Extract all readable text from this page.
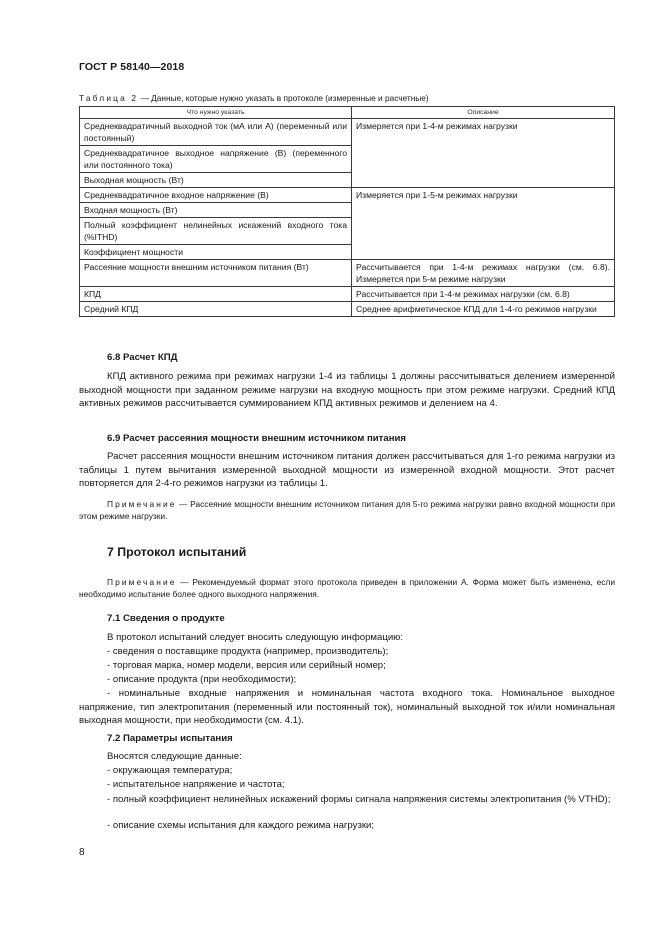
ГОСТ Р 58140—2018
Таблица 2 — Данные, которые нужно указать в протоколе (измеренные и расчетные)
Что нужно указать	Описание
Среднеквадратичный выходной ток (мА или А) (переменный или постоянный)	Измеряется при 1-4-м режимах нагрузки
Среднеквадратичное выходное напряжение (В) (переменного или постоянного тока)	
Выходная мощность (Вт)	
Среднеквадратичное входное напряжение (В)	Измеряется при 1-5-м режимах нагрузки
Входная мощность (Вт)	
Полный коэффициент нелинейных искажений входного тока (%ITHD)	
Коэффициент мощности	
Рассеяние мощности внешним источником питания (Вт)	Рассчитывается при 1-4-м режимах нагрузки (см. 6.8). Измеряется при 5-м режиме нагрузки
КПД	Рассчитывается при 1-4-м режимах нагрузки (см. 6.8)
Средний КПД	Среднее арифметическое КПД для 1-4-го режимов нагрузки
6.8 Расчет КПД
КПД активного режима при режимах нагрузки 1-4 из таблицы 1 должны рассчитываться делением измеренной выходной мощности при заданном режиме нагрузки на входную мощность при этом режиме нагрузки. Средний КПД активных режимов рассчитывается суммированием КПД активных режимов и делением на 4.
6.9 Расчет рассеяния мощности внешним источником питания
Расчет рассеяния мощности внешним источником питания должен рассчитываться для 1-го режима нагрузки из таблицы 1 путем вычитания измеренной выходной мощности из измеренной входной мощности. Этот расчет повторяется для 2-4-го режимов нагрузки из таблицы 1.
Примечание — Рассеяние мощности внешним источником питания для 5-го режима нагрузки равно входной мощности при этом режиме нагрузки.
7 Протокол испытаний
Примечание — Рекомендуемый формат этого протокола приведен в приложении А. Форма может быть изменена, если необходимо испытание более одного выходного напряжения.
7.1 Сведения о продукте
В протокол испытаний следует вносить следующую информацию:
- сведения о поставщике продукта (например, производитель);
- торговая марка, номер модели, версия или серийный номер;
- описание продукта (при необходимости);
- номинальные входные напряжения и номинальная частота входного тока. Номинальное выходное напряжение, тип электропитания (переменный или постоянный ток), номинальный выходной ток и/или номинальная выходная мощности, при необходимости (см. 4.1).
7.2 Параметры испытания
Вносятся следующие данные:
- окружающая температура;
- испытательное напряжение и частота;
- полный коэффициент нелинейных искажений формы сигнала напряжения системы электропитания (% VTHD);
- описание схемы испытания для каждого режима нагрузки;
8
